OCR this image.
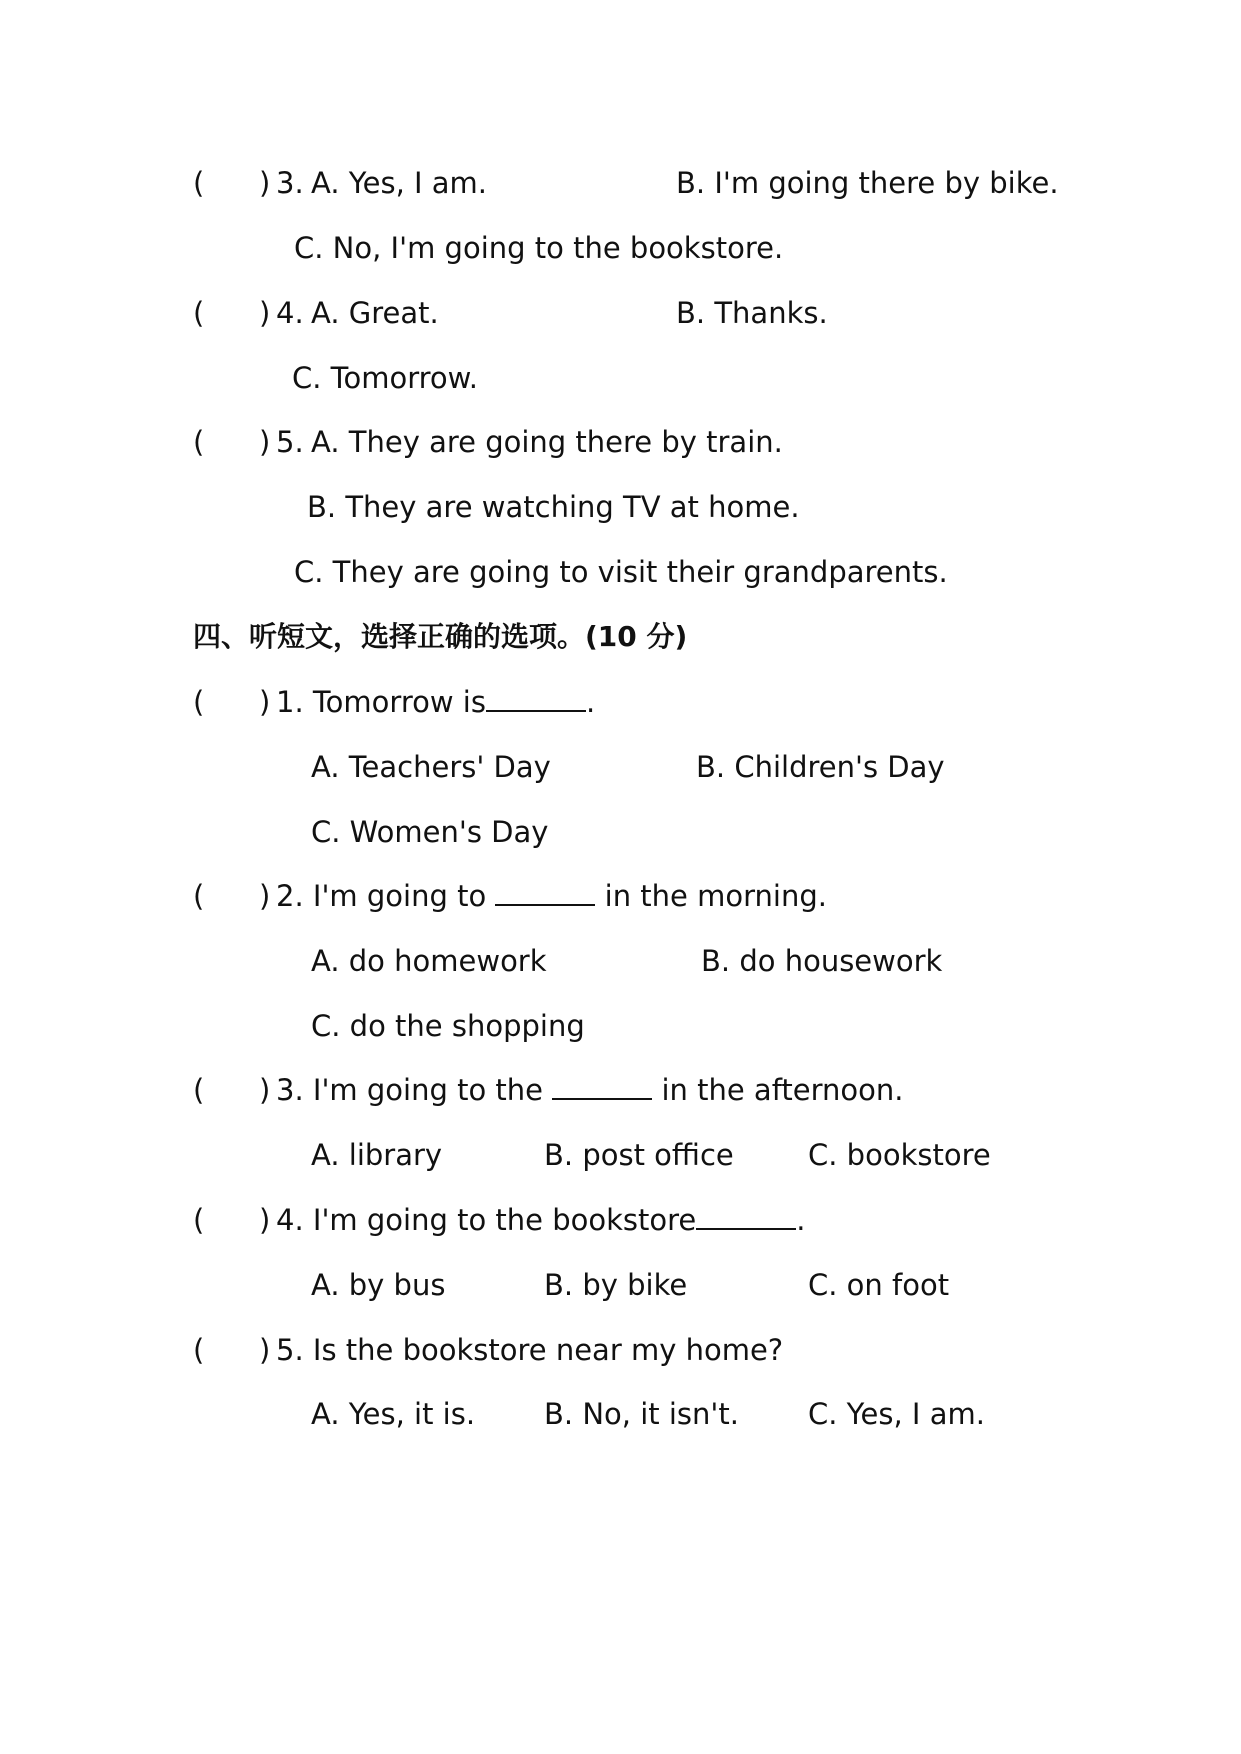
( ) 3. A. Yes, I am.	B. I'm going there by bike.
C. No, I'm going to the bookstore.
( ) 4. A. Great.	B. Thanks.
C. Tomorrow.
( ) 5. A. They are going there by train.
B. They are watching TV at home.
C. They are going to visit their grandparents.
四、听短文，选择正确的选项。(10 分)
( ) 1. Tomorrow is	.
A. Teachers' Day	B. Children's Day
C. Women's Day
( ) 2. I'm going to	in the morning.
A. do homework	B. do housework
C. do the shopping
( ) 3. I'm going to the	in the afternoon.
A. library	B. post office	C. bookstore
( ) 4. I'm going to the bookstore	.
A. by bus	B. by bike	C. on foot
( ) 5. Is the bookstore near my home?
A. Yes, it is. B. No, it isn't. C. Yes, I am.
